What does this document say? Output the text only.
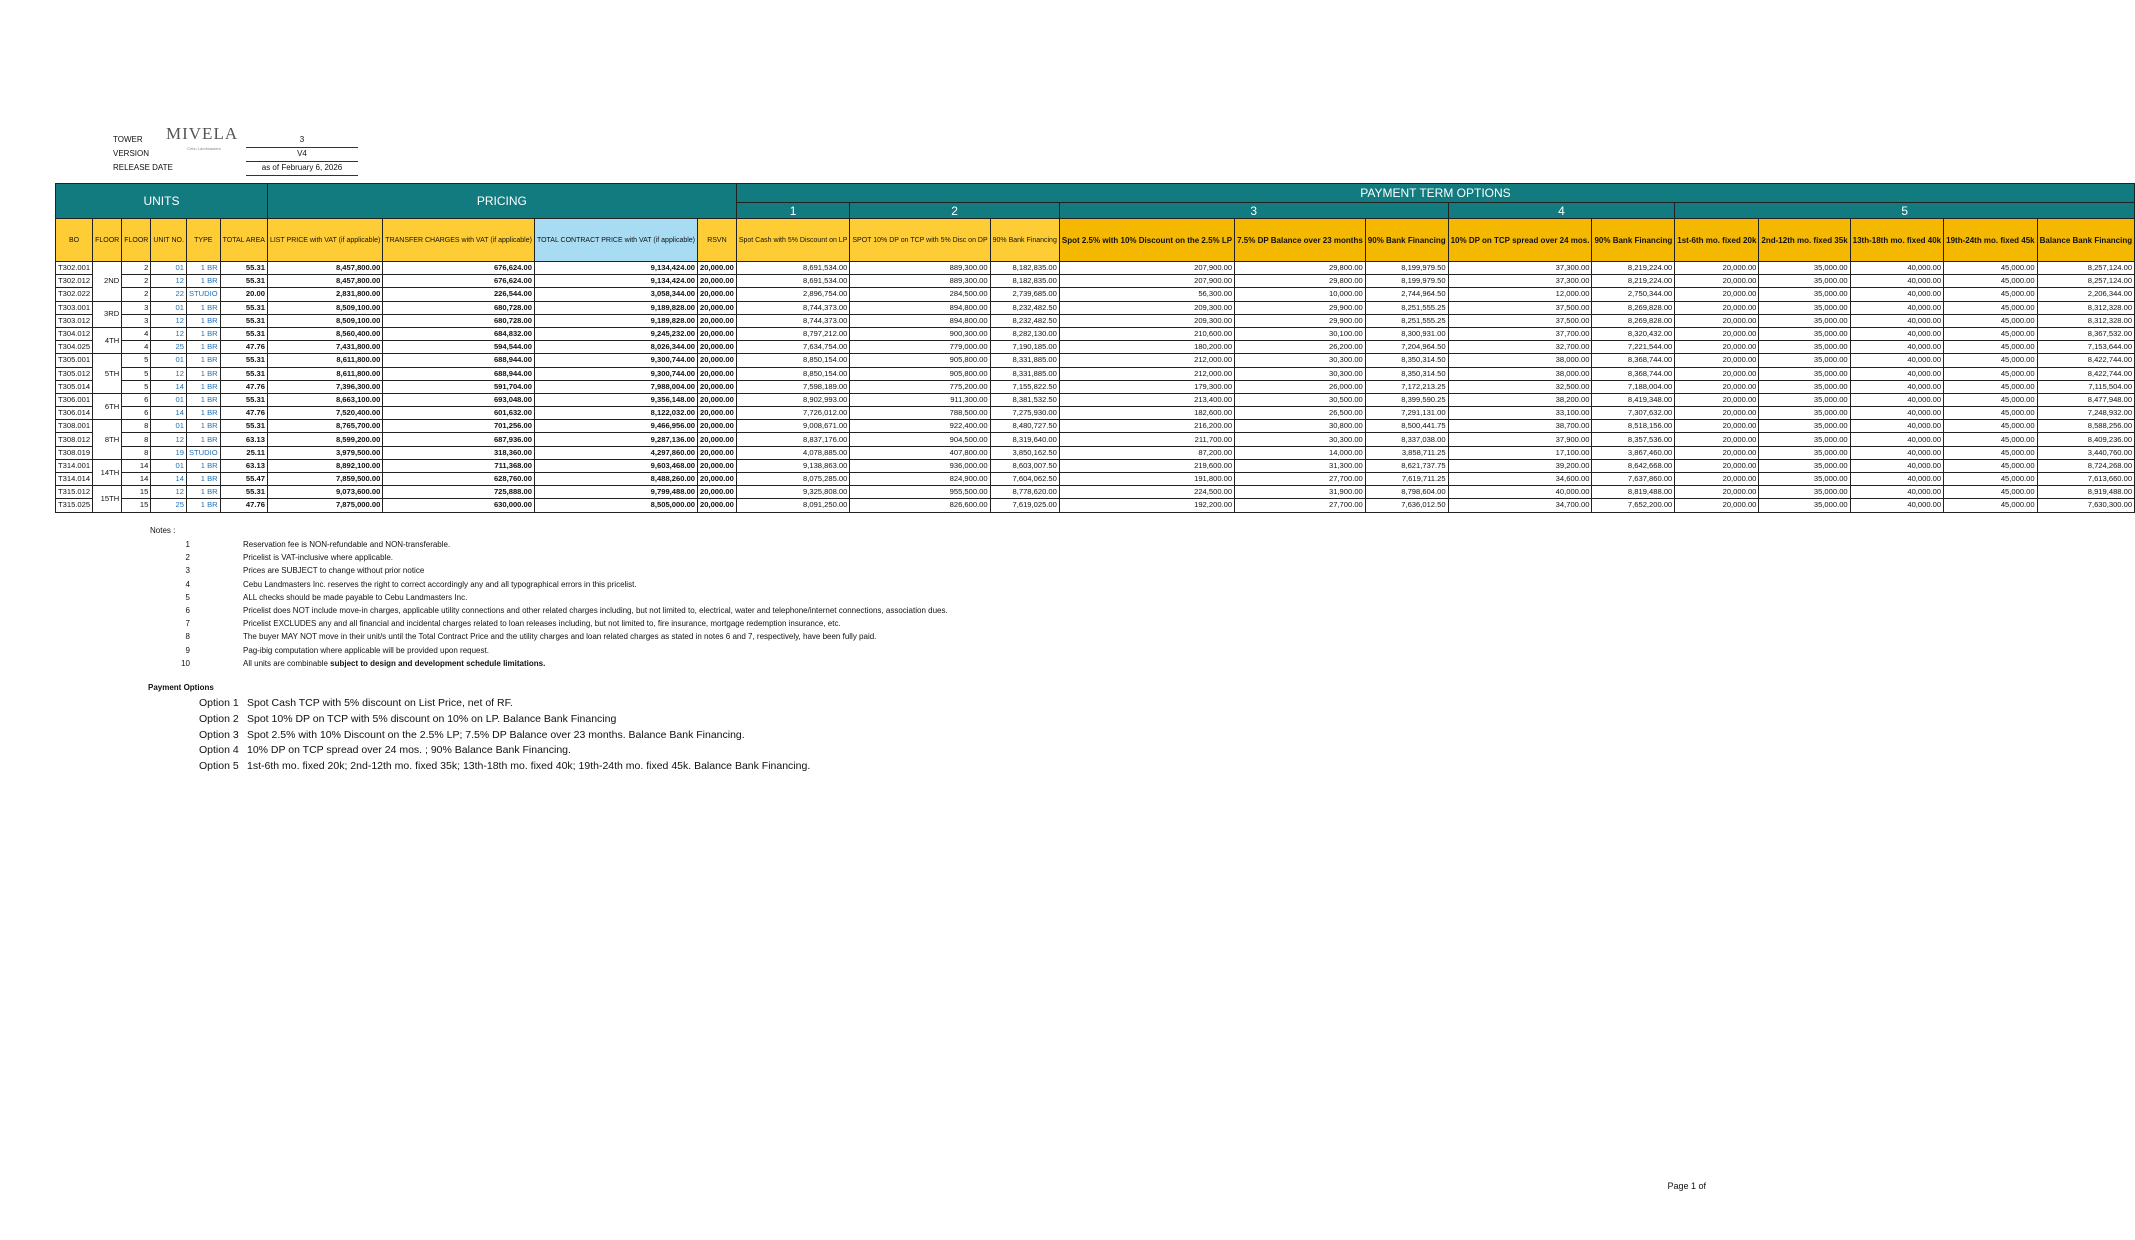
TOWER	3
VERSION	V4
RELEASE DATE	as of February 6, 2026
MIVELA
Cebu Landmasters
UNITS						PRICING				PAYMENT TERM OPTIONS												
										1	2		3			4		5				
BO	FLOOR	FLOOR	UNIT NO.	TYPE	TOTAL AREA	LIST PRICE with VAT (if applicable)	TRANSFER CHARGES with VAT (if applicable)	TOTAL CONTRACT PRICE with VAT (if applicable)	RSVN	Spot Cash with 5% Discount on LP	SPOT 10% DP on TCP with 5% Disc on DP	90% Bank Financing	Spot 2.5% with 10% Discount on the 2.5% LP	7.5% DP Balance over 23 months	90% Bank Financing	10% DP on TCP spread over 24 mos.	90% Bank Financing	1st-6th mo. fixed 20k	2nd-12th mo. fixed 35k	13th-18th mo. fixed 40k	19th-24th mo. fixed 45k	Balance Bank Financing
T302.001	2ND	2	01	1 BR	55.31	8,457,800.00	676,624.00	9,134,424.00	20,000.00	8,691,534.00	889,300.00	8,182,835.00	207,900.00	29,800.00	8,199,979.50	37,300.00	8,219,224.00	20,000.00	35,000.00	40,000.00	45,000.00	8,257,124.00
T302.012		2	12	1 BR	55.31	8,457,800.00	676,624.00	9,134,424.00	20,000.00	8,691,534.00	889,300.00	8,182,835.00	207,900.00	29,800.00	8,199,979.50	37,300.00	8,219,224.00	20,000.00	35,000.00	40,000.00	45,000.00	8,257,124.00
T302.022		2	22	STUDIO	20.00	2,831,800.00	226,544.00	3,058,344.00	20,000.00	2,896,754.00	284,500.00	2,739,685.00	56,300.00	10,000.00	2,744,964.50	12,000.00	2,750,344.00	20,000.00	35,000.00	40,000.00	45,000.00	2,206,344.00
T303.001	3RD	3	01	1 BR	55.31	8,509,100.00	680,728.00	9,189,828.00	20,000.00	8,744,373.00	894,800.00	8,232,482.50	209,300.00	29,900.00	8,251,555.25	37,500.00	8,269,828.00	20,000.00	35,000.00	40,000.00	45,000.00	8,312,328.00
T303.012		3	12	1 BR	55.31	8,509,100.00	680,728.00	9,189,828.00	20,000.00	8,744,373.00	894,800.00	8,232,482.50	209,300.00	29,900.00	8,251,555.25	37,500.00	8,269,828.00	20,000.00	35,000.00	40,000.00	45,000.00	8,312,328.00
T304.012	4TH	4	12	1 BR	55.31	8,560,400.00	684,832.00	9,245,232.00	20,000.00	8,797,212.00	900,300.00	8,282,130.00	210,600.00	30,100.00	8,300,931.00	37,700.00	8,320,432.00	20,000.00	35,000.00	40,000.00	45,000.00	8,367,532.00
T304.025		4	25	1 BR	47.76	7,431,800.00	594,544.00	8,026,344.00	20,000.00	7,634,754.00	779,000.00	7,190,185.00	180,200.00	26,200.00	7,204,964.50	32,700.00	7,221,544.00	20,000.00	35,000.00	40,000.00	45,000.00	7,153,644.00
T305.001	5TH	5	01	1 BR	55.31	8,611,800.00	688,944.00	9,300,744.00	20,000.00	8,850,154.00	905,800.00	8,331,885.00	212,000.00	30,300.00	8,350,314.50	38,000.00	8,368,744.00	20,000.00	35,000.00	40,000.00	45,000.00	8,422,744.00
T305.012		5	12	1 BR	55.31	8,611,800.00	688,944.00	9,300,744.00	20,000.00	8,850,154.00	905,800.00	8,331,885.00	212,000.00	30,300.00	8,350,314.50	38,000.00	8,368,744.00	20,000.00	35,000.00	40,000.00	45,000.00	8,422,744.00
T305.014		5	14	1 BR	47.76	7,396,300.00	591,704.00	7,988,004.00	20,000.00	7,598,189.00	775,200.00	7,155,822.50	179,300.00	26,000.00	7,172,213.25	32,500.00	7,188,004.00	20,000.00	35,000.00	40,000.00	45,000.00	7,115,504.00
T306.001	6TH	6	01	1 BR	55.31	8,663,100.00	693,048.00	9,356,148.00	20,000.00	8,902,993.00	911,300.00	8,381,532.50	213,400.00	30,500.00	8,399,590.25	38,200.00	8,419,348.00	20,000.00	35,000.00	40,000.00	45,000.00	8,477,948.00
T306.014		6	14	1 BR	47.76	7,520,400.00	601,632.00	8,122,032.00	20,000.00	7,726,012.00	788,500.00	7,275,930.00	182,600.00	26,500.00	7,291,131.00	33,100.00	7,307,632.00	20,000.00	35,000.00	40,000.00	45,000.00	7,248,932.00
T308.001	8TH	8	01	1 BR	55.31	8,765,700.00	701,256.00	9,466,956.00	20,000.00	9,008,671.00	922,400.00	8,480,727.50	216,200.00	30,800.00	8,500,441.75	38,700.00	8,518,156.00	20,000.00	35,000.00	40,000.00	45,000.00	8,588,256.00
T308.012		8	12	1 BR	63.13	8,599,200.00	687,936.00	9,287,136.00	20,000.00	8,837,176.00	904,500.00	8,319,640.00	211,700.00	30,300.00	8,337,038.00	37,900.00	8,357,536.00	20,000.00	35,000.00	40,000.00	45,000.00	8,409,236.00
T308.019		8	19	STUDIO	25.11	3,979,500.00	318,360.00	4,297,860.00	20,000.00	4,078,885.00	407,800.00	3,850,162.50	87,200.00	14,000.00	3,858,711.25	17,100.00	3,867,460.00	20,000.00	35,000.00	40,000.00	45,000.00	3,440,760.00
T314.001	14TH	14	01	1 BR	63.13	8,892,100.00	711,368.00	9,603,468.00	20,000.00	9,138,863.00	936,000.00	8,603,007.50	219,600.00	31,300.00	8,621,737.75	39,200.00	8,642,668.00	20,000.00	35,000.00	40,000.00	45,000.00	8,724,268.00
T314.014		14	14	1 BR	55.47	7,859,500.00	628,760.00	8,488,260.00	20,000.00	8,075,285.00	824,900.00	7,604,062.50	191,800.00	27,700.00	7,619,711.25	34,600.00	7,637,860.00	20,000.00	35,000.00	40,000.00	45,000.00	7,613,660.00
T315.012	15TH	15	12	1 BR	55.31	9,073,600.00	725,888.00	9,799,488.00	20,000.00	9,325,808.00	955,500.00	8,778,620.00	224,500.00	31,900.00	8,798,604.00	40,000.00	8,819,488.00	20,000.00	35,000.00	40,000.00	45,000.00	8,919,488.00
T315.025		15	25	1 BR	47.76	7,875,000.00	630,000.00	8,505,000.00	20,000.00	8,091,250.00	826,600.00	7,619,025.00	192,200.00	27,700.00	7,636,012.50	34,700.00	7,652,200.00	20,000.00	35,000.00	40,000.00	45,000.00	7,630,300.00
Notes :
1	Reservation fee is NON-refundable and NON-transferable.
2	Pricelist is VAT-inclusive where applicable.
3	Prices are SUBJECT to change without prior notice
4	Cebu Landmasters Inc. reserves the right to correct accordingly any and all typographical errors in this pricelist.
5	ALL checks should be made payable to Cebu Landmasters Inc.
6	Pricelist does NOT include move-in charges, applicable utility connections and other related charges including, but not limited to, electrical, water and telephone/internet connections, association dues.
7	Pricelist EXCLUDES any and all financial and incidental charges related to loan releases including, but not limited to, fire insurance, mortgage redemption insurance, etc.
8	The buyer MAY NOT move in their unit/s until the Total Contract Price and the utility charges and loan related charges as stated in notes 6 and 7, respectively, have been fully paid.
9	Pag-ibig computation where applicable will be provided upon request.
10	All units are combinable subject to design and development schedule limitations.
Payment Options
Option 1 Spot Cash TCP with 5% discount on List Price, net of RF.
Option 2 Spot 10% DP on TCP with 5% discount on 10% on LP. Balance Bank Financing
Option 3 Spot 2.5% with 10% Discount on the 2.5% LP; 7.5% DP Balance over 23 months. Balance Bank Financing.
Option 4 10% DP on TCP spread over 24 mos. ; 90% Balance Bank Financing.
Option 5 1st-6th mo. fixed 20k; 2nd-12th mo. fixed 35k; 13th-18th mo. fixed 40k; 19th-24th mo. fixed 45k. Balance Bank Financing.
Page 1 of
